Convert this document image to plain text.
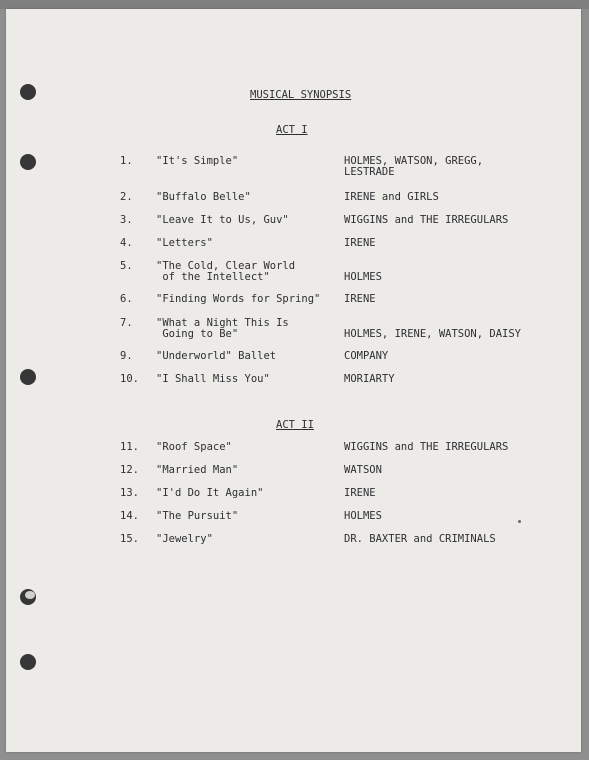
MUSICAL SYNOPSIS
ACT I
1.	"It's Simple"	HOLMES, WATSON, GREGG,
LESTRADE
2.	"Buffalo Belle"	IRENE and GIRLS
3.	"Leave It to Us, Guv"	WIGGINS and THE IRREGULARS
4.	"Letters"	IRENE
5.	"The Cold, Clear World
of the Intellect"	HOLMES
6.	"Finding Words for Spring"	IRENE
7.	"What a Night This Is
Going to Be"	HOLMES, IRENE, WATSON, DAISY
9.	"Underworld" Ballet	COMPANY
10.	"I Shall Miss You"	MORIARTY
ACT II
11.	"Roof Space"	WIGGINS and THE IRREGULARS
12.	"Married Man"	WATSON
13.	"I'd Do It Again"	IRENE
14.	"The Pursuit"	HOLMES
15.	"Jewelry"	DR. BAXTER and CRIMINALS
